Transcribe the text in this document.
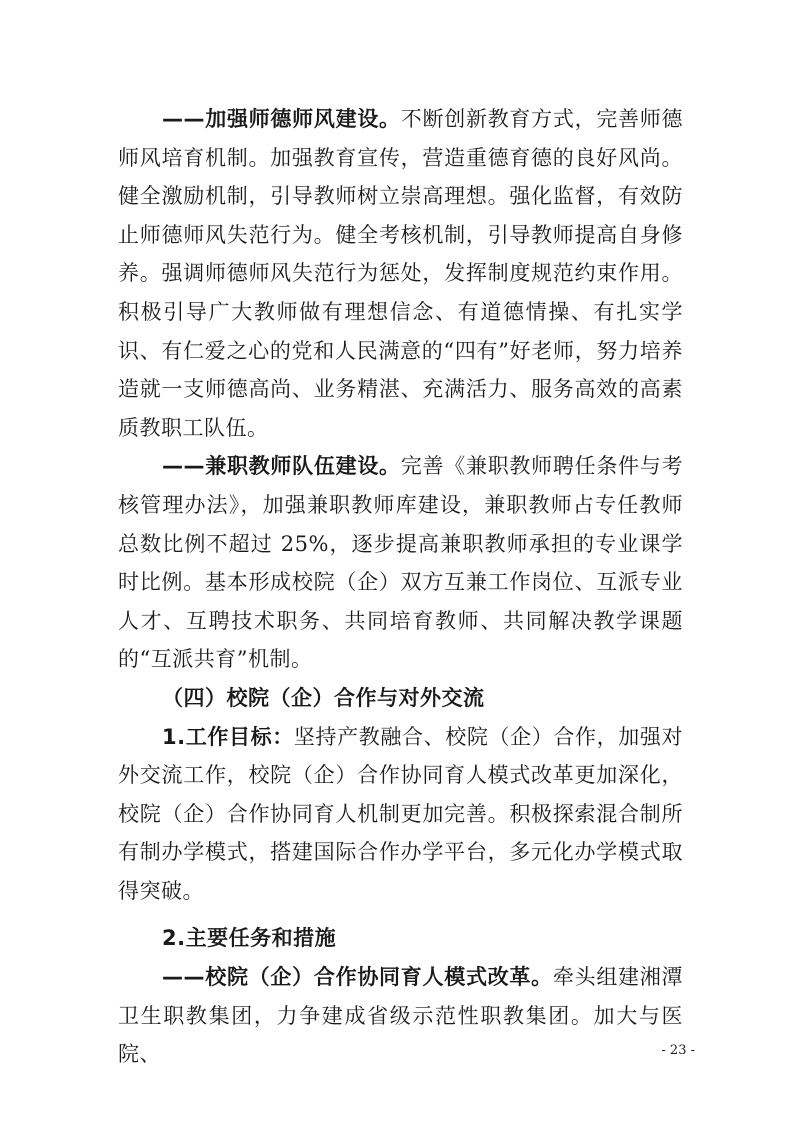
——加强师德师风建设。不断创新教育方式，完善师德师风培育机制。加强教育宣传，营造重德育德的良好风尚。健全激励机制，引导教师树立崇高理想。强化监督，有效防止师德师风失范行为。健全考核机制，引导教师提高自身修养。强调师德师风失范行为惩处，发挥制度规范约束作用。积极引导广大教师做有理想信念、有道德情操、有扎实学识、有仁爱之心的党和人民满意的“四有”好老师，努力培养造就一支师德高尚、业务精湛、充满活力、服务高效的高素质教职工队伍。

——兼职教师队伍建设。完善《兼职教师聘任条件与考核管理办法》，加强兼职教师库建设，兼职教师占专任教师总数比例不超过 25%，逐步提高兼职教师承担的专业课学时比例。基本形成校院（企）双方互兼工作岗位、互派专业人才、互聘技术职务、共同培育教师、共同解决教学课题的“互派共育”机制。

（四）校院（企）合作与对外交流

1.工作目标：坚持产教融合、校院（企）合作，加强对外交流工作，校院（企）合作协同育人模式改革更加深化，校院（企）合作协同育人机制更加完善。积极探索混合制所有制办学模式，搭建国际合作办学平台，多元化办学模式取得突破。

2.主要任务和措施

——校院（企）合作协同育人模式改革。牵头组建湘潭卫生职教集团，力争建成省级示范性职教集团。加大与医院、	- 23 -
